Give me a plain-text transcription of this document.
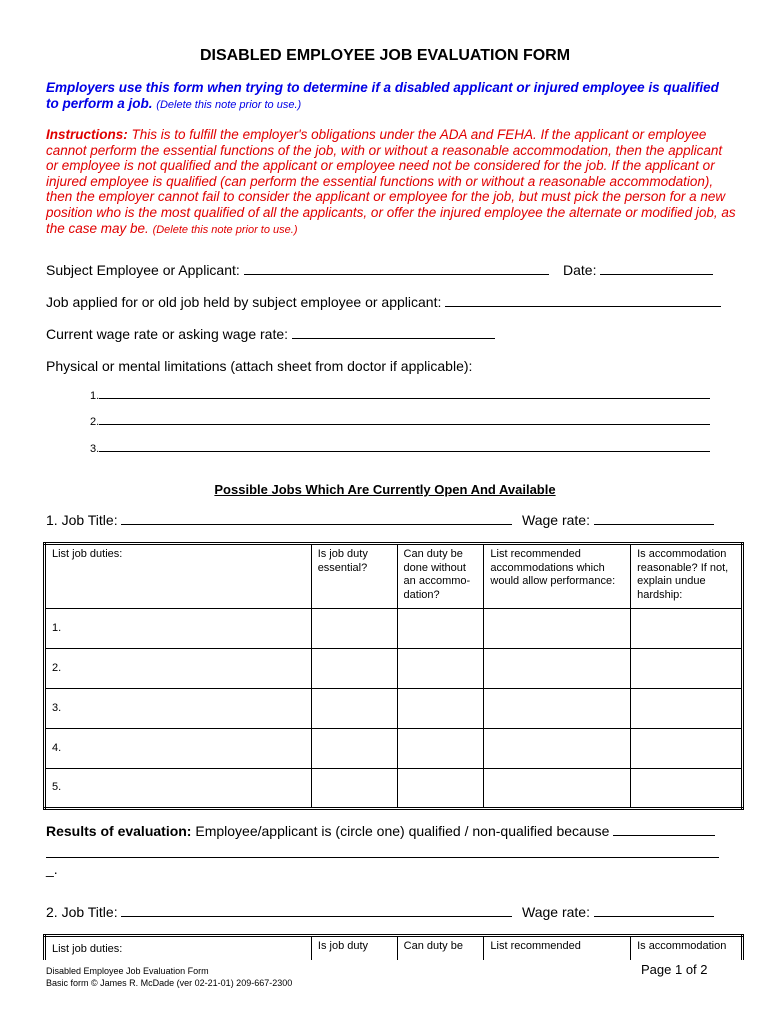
DISABLED EMPLOYEE JOB EVALUATION FORM
Employers use this form when trying to determine if a disabled applicant or injured employee is qualified to perform a job. (Delete this note prior to use.)
Instructions: This is to fulfill the employer's obligations under the ADA and FEHA. If the applicant or employee cannot perform the essential functions of the job, with or without a reasonable accommodation, then the applicant or employee is not qualified and the applicant or employee need not be considered for the job. If the applicant or injured employee is qualified (can perform the essential functions with or without a reasonable accommodation), then the employer cannot fail to consider the applicant or employee for the job, but must pick the person for a new position who is the most qualified of all the applicants, or offer the injured employee the alternate or modified job, as the case may be. (Delete this note prior to use.)
Subject Employee or Applicant:	Date:
Job applied for or old job held by subject employee or applicant:
Current wage rate or asking wage rate:
Physical or mental limitations (attach sheet from doctor if applicable):
1.
2.
3.
Possible Jobs Which Are Currently Open And Available
1. Job Title:	Wage rate:
List job duties:	Is job duty essential?	Can duty be done without an accommo-dation?	List recommended accommodations which would allow performance:	Is accommodation reasonable? If not, explain undue hardship:
1.				
2.				
3.				
4.				
5.				
Results of evaluation: Employee/applicant is (circle one) qualified / non-qualified because
_.
2. Job Title:	Wage rate:
List job duties:	Is job duty	Can duty be	List recommended	Is accommodation
Disabled Employee Job Evaluation Form
Basic form © James R. McDade (ver 02-21-01) 209-667-2300
Page 1 of 2
